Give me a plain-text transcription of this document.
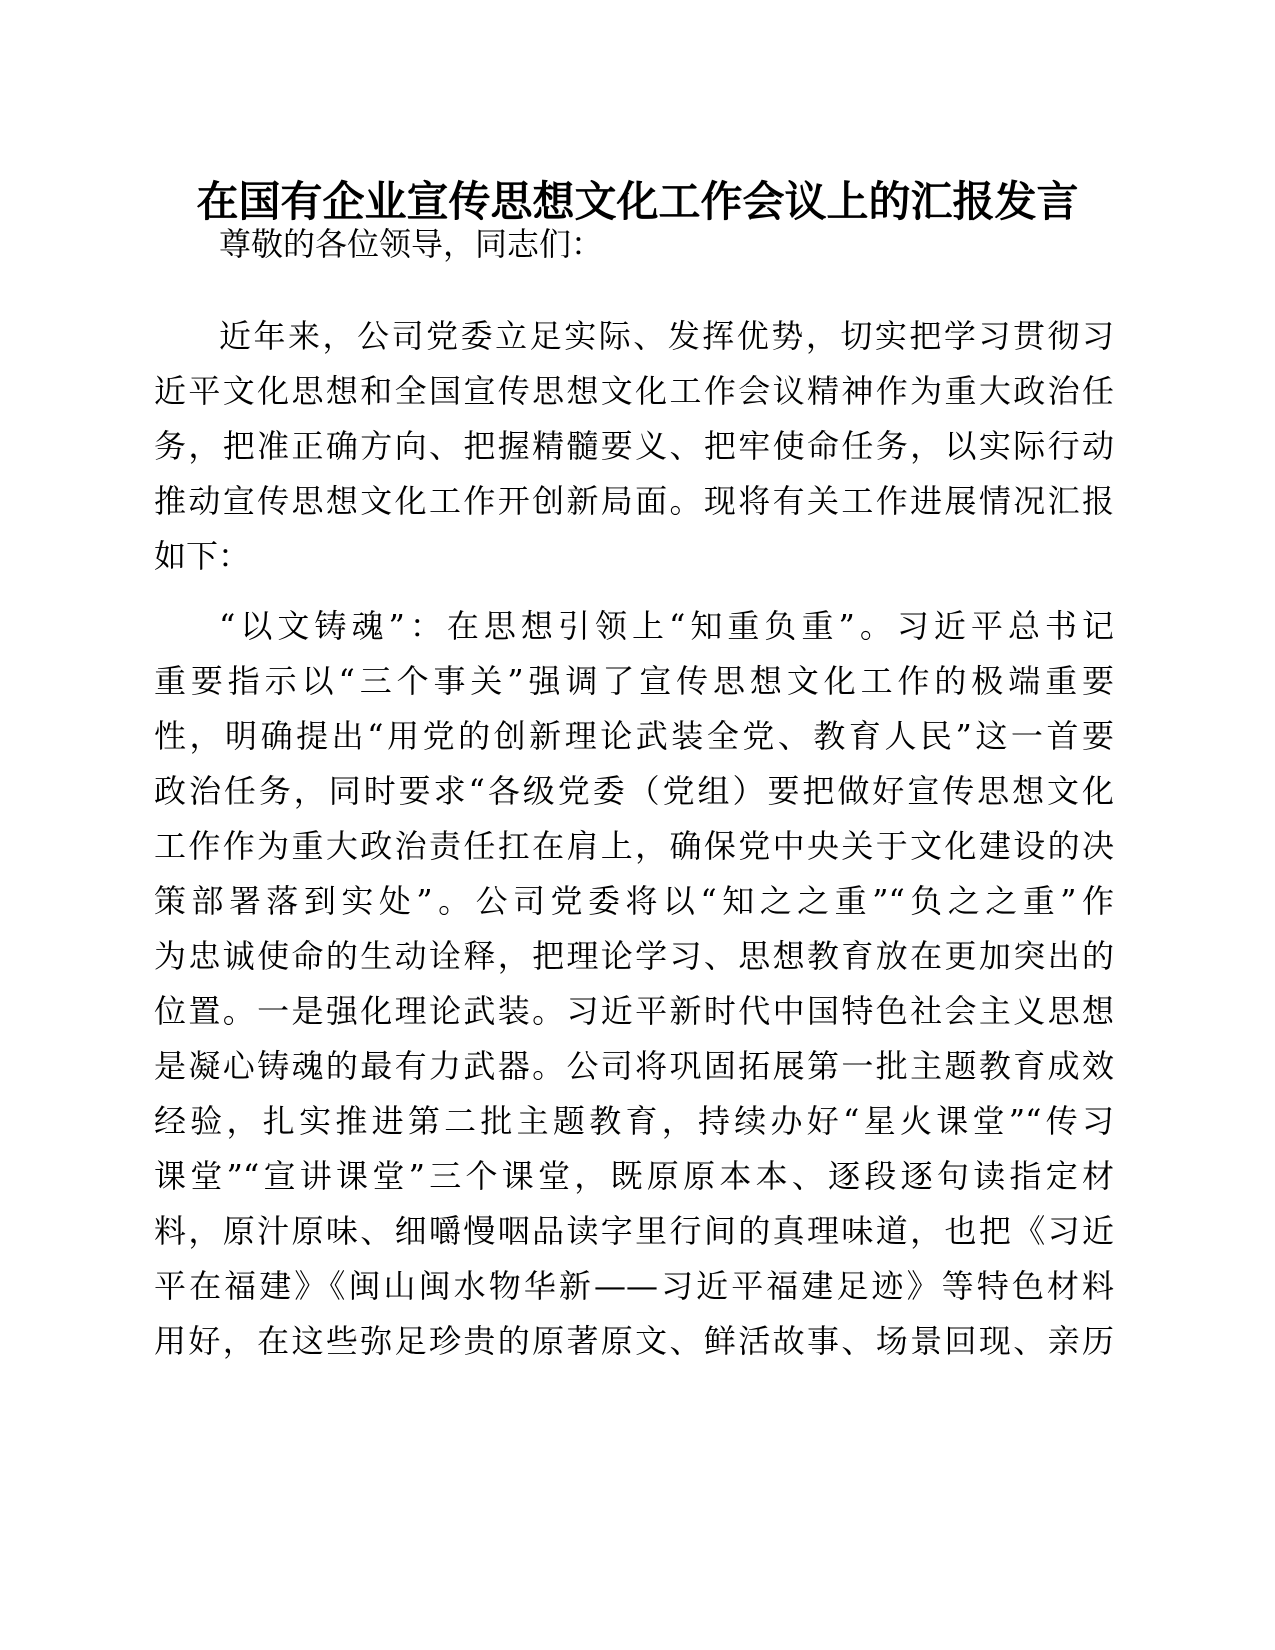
在国有企业宣传思想文化工作会议上的汇报发言

尊敬的各位领导，同志们：

近年来，公司党委立足实际、发挥优势，切实把学习贯彻习

近平文化思想和全国宣传思想文化工作会议精神作为重大政治任

务，把准正确方向、把握精髓要义、把牢使命任务，以实际行动

推动宣传思想文化工作开创新局面。现将有关工作进展情况汇报

如下：

“以文铸魂”：在思想引领上“知重负重”。习近平总书记

重要指示以“三个事关”强调了宣传思想文化工作的极端重要

性，明确提出“用党的创新理论武装全党、教育人民”这一首要

政治任务，同时要求“各级党委（党组）要把做好宣传思想文化

工作作为重大政治责任扛在肩上，确保党中央关于文化建设的决

策部署落到实处”。公司党委将以“知之之重”“负之之重”作

为忠诚使命的生动诠释，把理论学习、思想教育放在更加突出的

位置。一是强化理论武装。习近平新时代中国特色社会主义思想

是凝心铸魂的最有力武器。公司将巩固拓展第一批主题教育成效

经验，扎实推进第二批主题教育，持续办好“星火课堂”“传习

课堂”“宣讲课堂”三个课堂，既原原本本、逐段逐句读指定材

料，原汁原味、细嚼慢咽品读字里行间的真理味道，也把《习近

平在福建》《闽山闽水物华新——习近平福建足迹》等特色材料

用好，在这些弥足珍贵的原著原文、鲜活故事、场景回现、亲历
